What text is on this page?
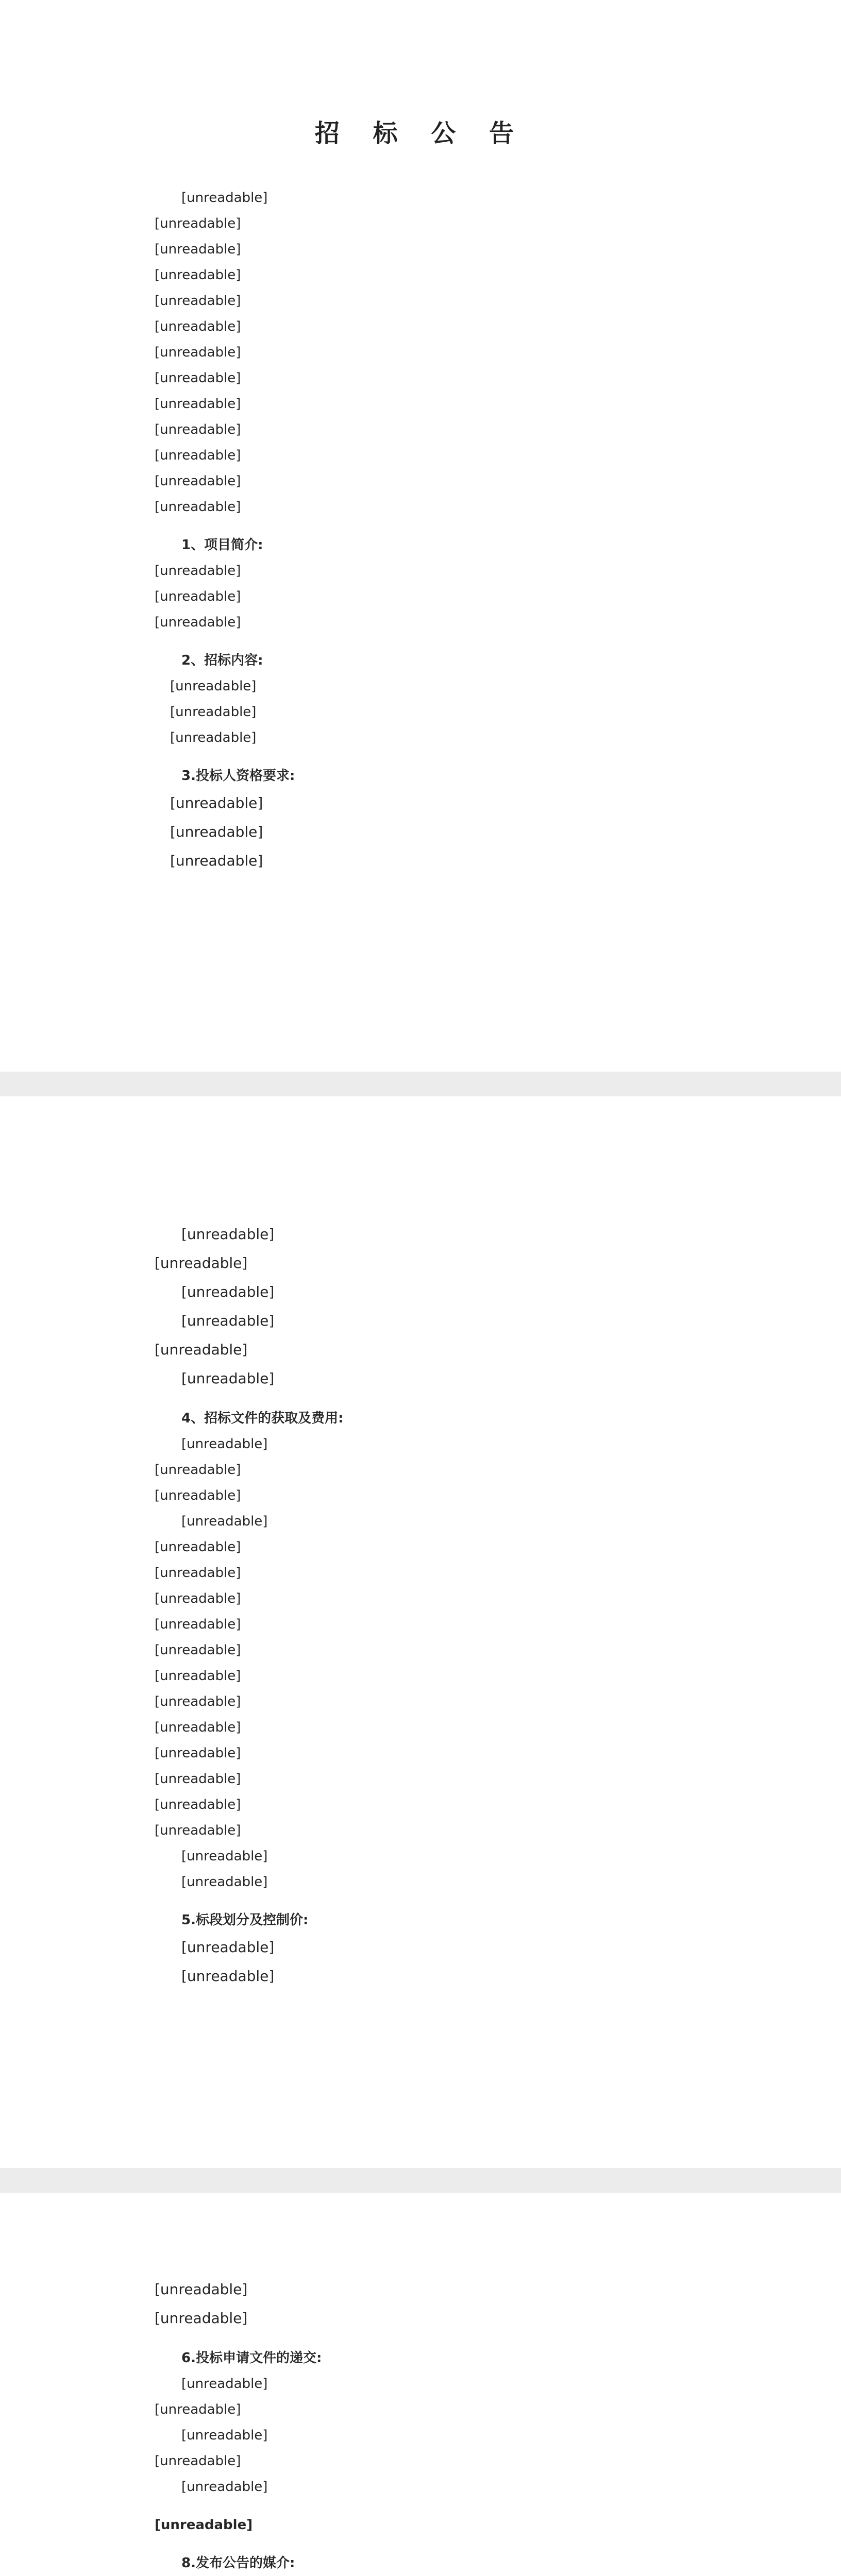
招 标 公 告

[unreadable]

[unreadable]

[unreadable]

[unreadable]

[unreadable]

[unreadable]

[unreadable]

[unreadable]

[unreadable]

[unreadable]

[unreadable]

[unreadable]

[unreadable]

1、项目简介:

[unreadable]

[unreadable]

[unreadable]

2、招标内容:

[unreadable]

[unreadable]

[unreadable]

3.投标人资格要求:

[unreadable]

[unreadable]

[unreadable]

[unreadable]

[unreadable]

[unreadable]

[unreadable]

[unreadable]

[unreadable]

4、招标文件的获取及费用:

[unreadable]

[unreadable]

[unreadable]

[unreadable]

[unreadable]

[unreadable]

[unreadable]

[unreadable]

[unreadable]

[unreadable]

[unreadable]

[unreadable]

[unreadable]

[unreadable]

[unreadable]

[unreadable]

[unreadable]

[unreadable]

5.标段划分及控制价:

[unreadable]

[unreadable]

[unreadable]

[unreadable]

6.投标申请文件的递交:

[unreadable]

[unreadable]

[unreadable]

[unreadable]

[unreadable]

[unreadable]

8.发布公告的媒介:
